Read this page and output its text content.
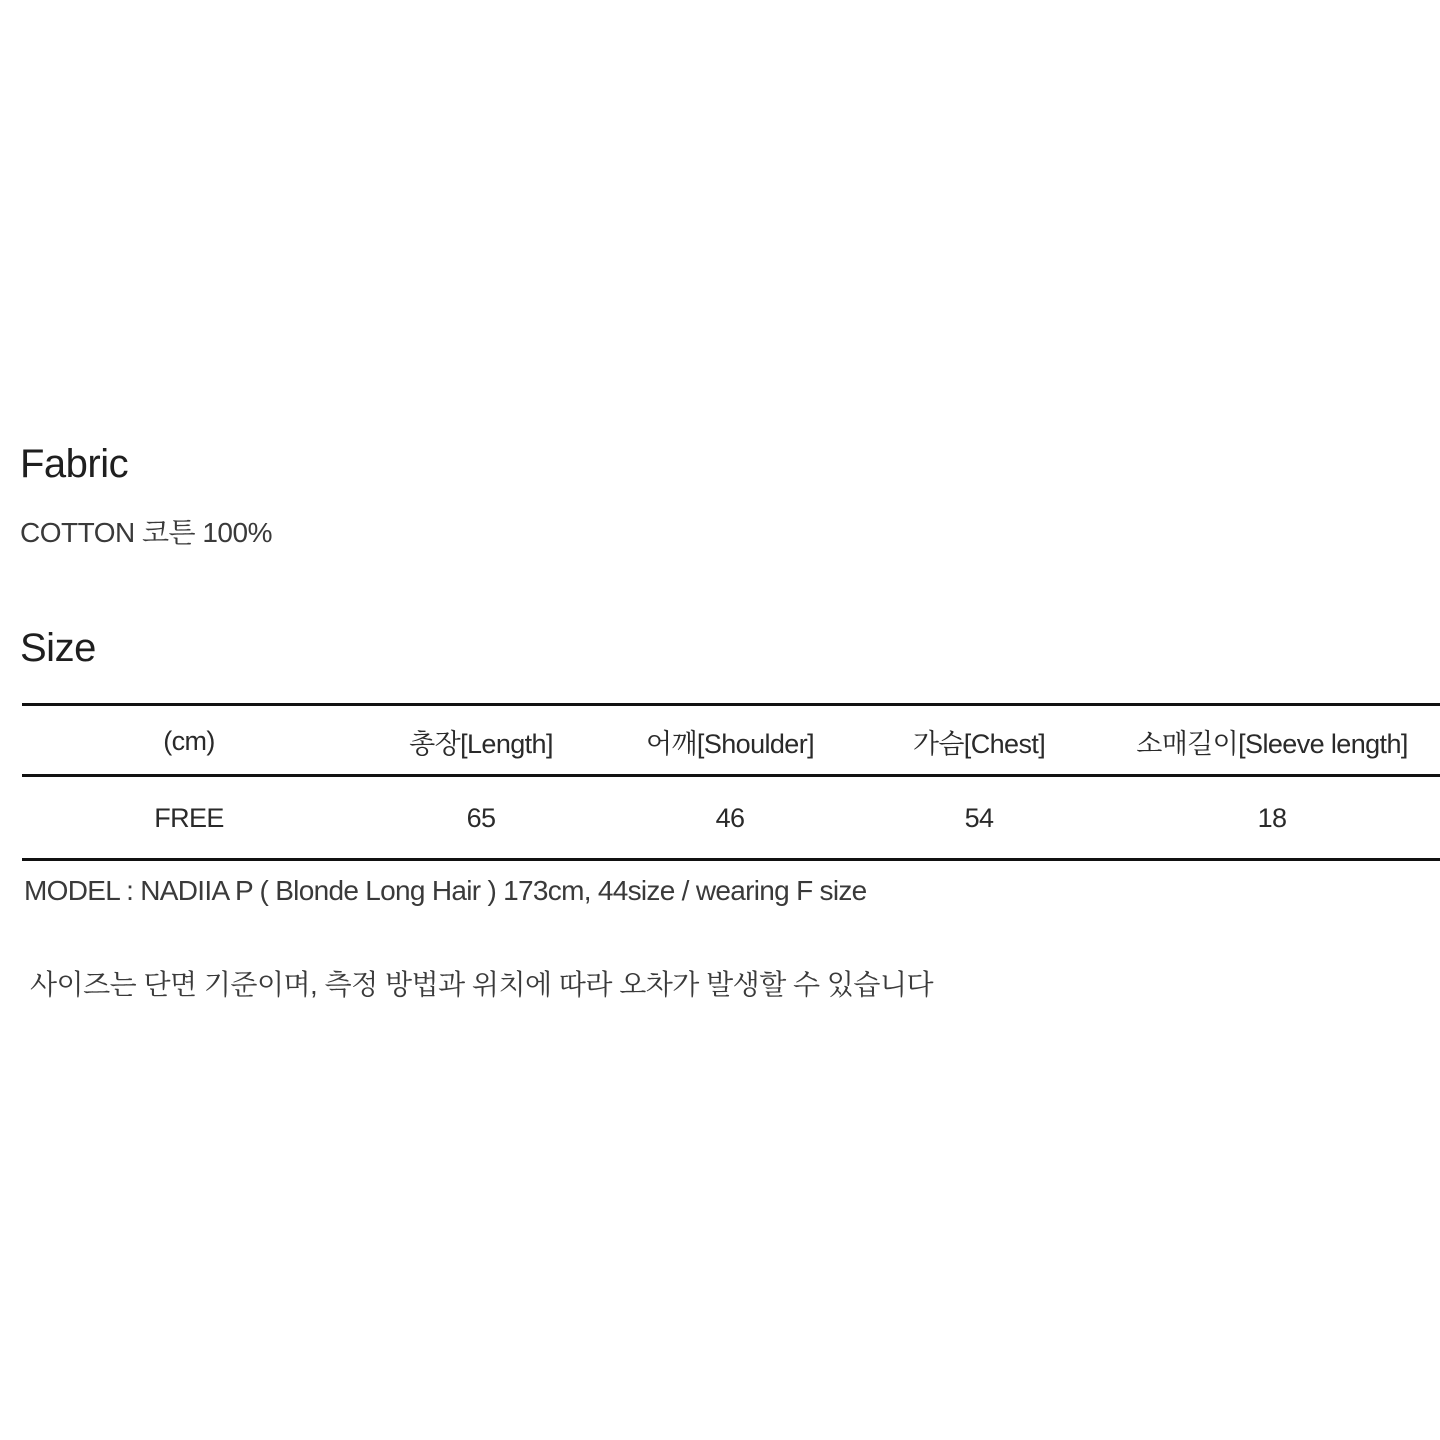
Fabric
COTTON 코튼 100%
Size
(cm)	총장[Length]	어깨[Shoulder]	가슴[Chest]	소매길이[Sleeve length]
FREE	65	46	54	18
MODEL : NADIIA P ( Blonde Long Hair ) 173cm, 44size / wearing F size
사이즈는 단면 기준이며, 측정 방법과 위치에 따라 오차가 발생할 수 있습니다
